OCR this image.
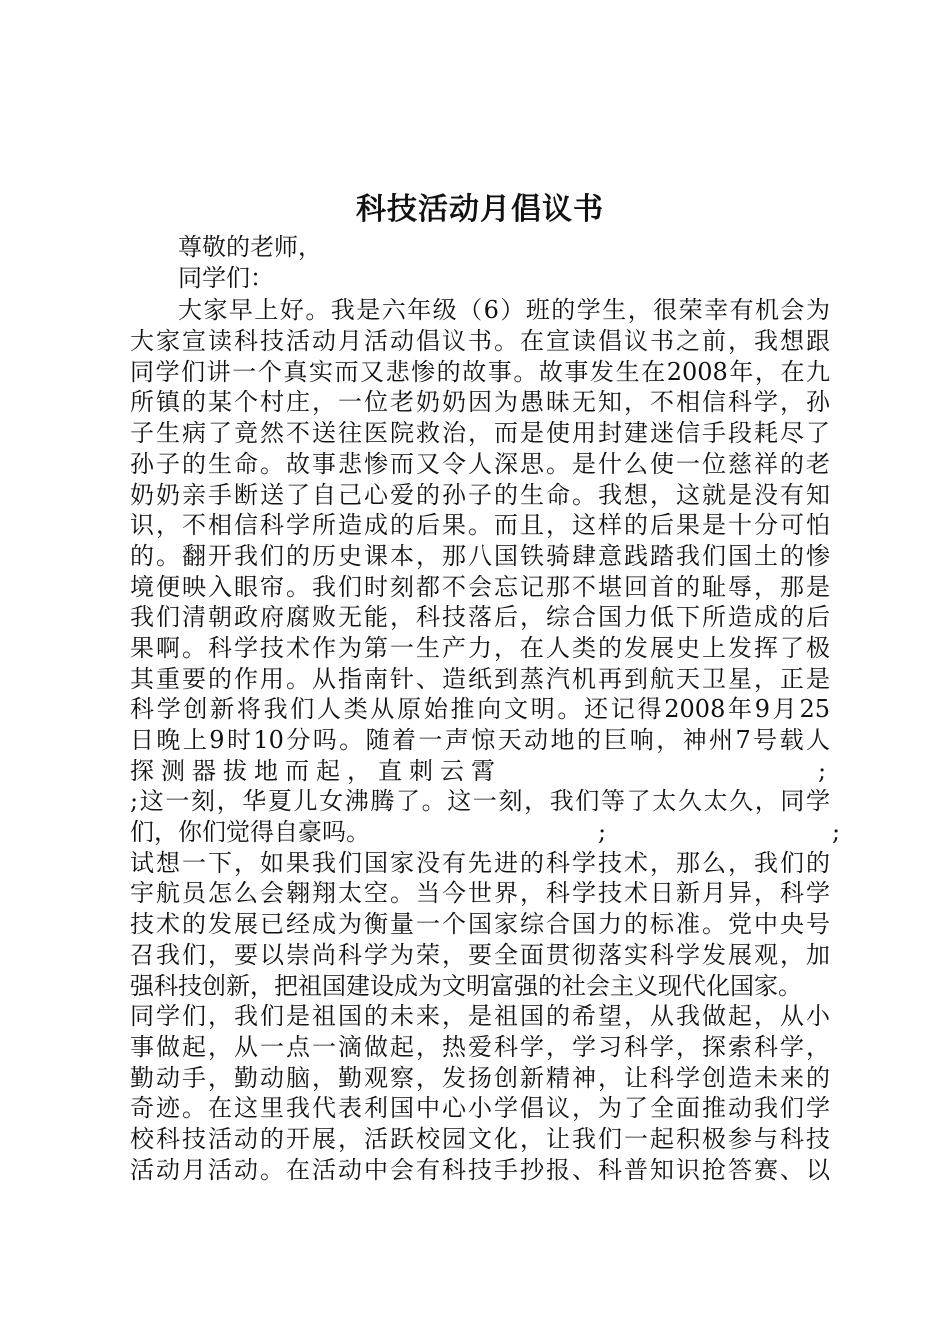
科技活动月倡议书
尊敬的老师，
同学们：
大家早上好。我是六年级（6）班的学生，很荣幸有机会为
大家宣读科技活动月活动倡议书。在宣读倡议书之前，我想跟
同学们讲一个真实而又悲惨的故事。故事发生在2008年，在九
所镇的某个村庄，一位老奶奶因为愚昧无知，不相信科学，孙
子生病了竟然不送往医院救治，而是使用封建迷信手段耗尽了
孙子的生命。故事悲惨而又令人深思。是什么使一位慈祥的老
奶奶亲手断送了自己心爱的孙子的生命。我想，这就是没有知
识，不相信科学所造成的后果。而且，这样的后果是十分可怕
的。翻开我们的历史课本，那八国铁骑肆意践踏我们国土的惨
境便映入眼帘。我们时刻都不会忘记那不堪回首的耻辱，那是
我们清朝政府腐败无能，科技落后，综合国力低下所造成的后
果啊。科学技术作为第一生产力，在人类的发展史上发挥了极
其重要的作用。从指南针、造纸到蒸汽机再到航天卫星，正是
科学创新将我们人类从原始推向文明。还记得2008年9月25
日晚上9时10分吗。随着一声惊天动地的巨响，神州7号载人
探测器拔地而起，直刺云霄	;
;这一刻，华夏儿女沸腾了。这一刻，我们等了太久太久，同学
们，你们觉得自豪吗。	;	;
试想一下，如果我们国家没有先进的科学技术，那么，我们的
宇航员怎么会翱翔太空。当今世界，科学技术日新月异，科学
技术的发展已经成为衡量一个国家综合国力的标准。党中央号
召我们，要以崇尚科学为荣，要全面贯彻落实科学发展观，加
强科技创新，把祖国建设成为文明富强的社会主义现代化国家。
同学们，我们是祖国的未来，是祖国的希望，从我做起，从小
事做起，从一点一滴做起，热爱科学，学习科学，探索科学，
勤动手，勤动脑，勤观察，发扬创新精神，让科学创造未来的
奇迹。在这里我代表利国中心小学倡议，为了全面推动我们学
校科技活动的开展，活跃校园文化，让我们一起积极参与科技
活动月活动。在活动中会有科技手抄报、科普知识抢答赛、以
